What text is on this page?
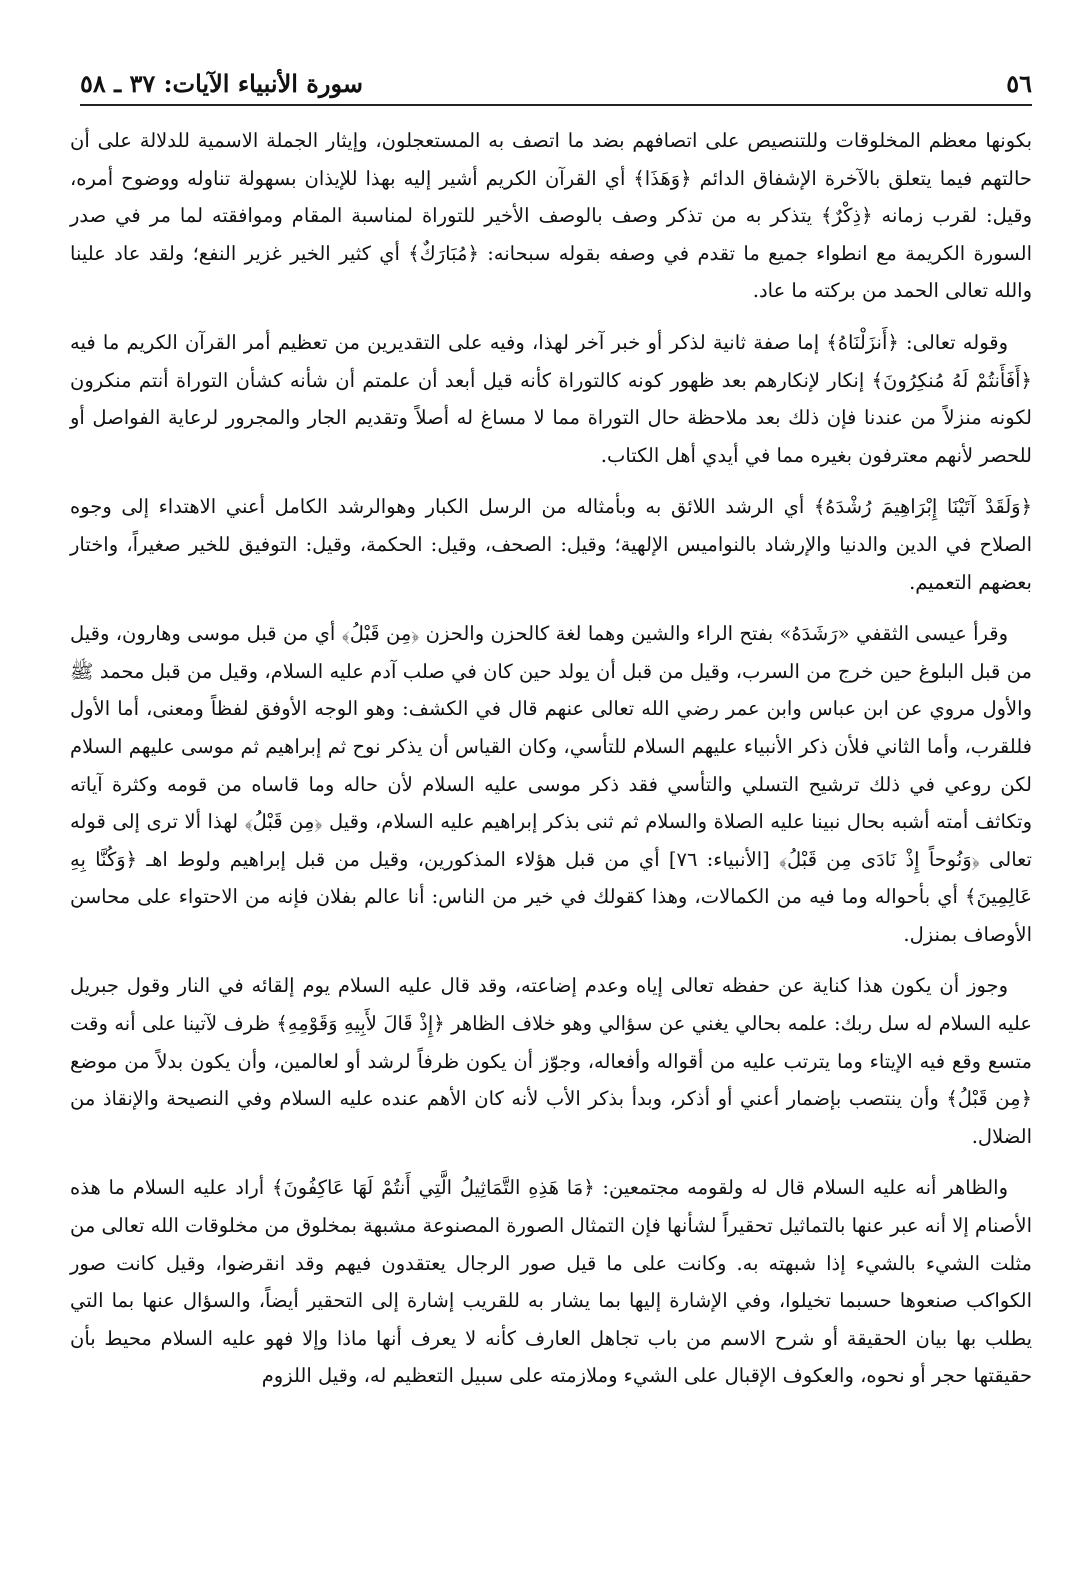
٥٦
سورة الأنبياء الآيات: ٣٧ ـ ٥٨

بكونها معظم المخلوقات وللتنصيص على اتصافهم بضد ما اتصف به المستعجلون، وإيثار الجملة الاسمية للدلالة على أن حالتهم فيما يتعلق بالآخرة الإشفاق الدائم ﴿وَهَذَا﴾ أي القرآن الكريم أشير إليه بهذا للإيذان بسهولة تناوله ووضوح أمره، وقيل: لقرب زمانه ﴿ذِكْرٌ﴾ يتذكر به من تذكر وصف بالوصف الأخير للتوراة لمناسبة المقام وموافقته لما مر في صدر السورة الكريمة مع انطواء جميع ما تقدم في وصفه بقوله سبحانه: ﴿مُبَارَكٌ﴾ أي كثير الخير غزير النفع؛ ولقد عاد علينا والله تعالى الحمد من بركته ما عاد.

وقوله تعالى: ﴿أَنزَلْنَاهُ﴾ إما صفة ثانية لذكر أو خبر آخر لهذا، وفيه على التقديرين من تعظيم أمر القرآن الكريم ما فيه ﴿أَفَأَنتُمْ لَهُ مُنكِرُونَ﴾ إنكار لإنكارهم بعد ظهور كونه كالتوراة كأنه قيل أبعد أن علمتم أن شأنه كشأن التوراة أنتم منكرون لكونه منزلاً من عندنا فإن ذلك بعد ملاحظة حال التوراة مما لا مساغ له أصلاً وتقديم الجار والمجرور لرعاية الفواصل أو للحصر لأنهم معترفون بغيره مما في أيدي أهل الكتاب.

﴿وَلَقَدْ آتَيْنَا إِبْرَاهِيمَ رُشْدَهُ﴾ أي الرشد اللائق به وبأمثاله من الرسل الكبار وهوالرشد الكامل أعني الاهتداء إلى وجوه الصلاح في الدين والدنيا والإرشاد بالنواميس الإلهية؛ وقيل: الصحف، وقيل: الحكمة، وقيل: التوفيق للخير صغيراً، واختار بعضهم التعميم.

وقرأ عيسى الثقفي «رَشَدَهُ» بفتح الراء والشين وهما لغة كالحزن والحزن ﴿مِن قَبْلُ﴾ أي من قبل موسى وهارون، وقيل من قبل البلوغ حين خرج من السرب، وقيل من قبل أن يولد حين كان في صلب آدم عليه السلام، وقيل من قبل محمد ﷺ والأول مروي عن ابن عباس وابن عمر رضي الله تعالى عنهم قال في الكشف: وهو الوجه الأوفق لفظاً ومعنى، أما الأول فللقرب، وأما الثاني فلأن ذكر الأنبياء عليهم السلام للتأسي، وكان القياس أن يذكر نوح ثم إبراهيم ثم موسى عليهم السلام لكن روعي في ذلك ترشيح التسلي والتأسي فقد ذكر موسى عليه السلام لأن حاله وما قاساه من قومه وكثرة آياته وتكاثف أمته أشبه بحال نبينا عليه الصلاة والسلام ثم ثنى بذكر إبراهيم عليه السلام، وقيل ﴿مِن قَبْلُ﴾ لهذا ألا ترى إلى قوله تعالى ﴿وَنُوحاً إِذْ نَادَى مِن قَبْلُ﴾ [الأنبياء: ٧٦] أي من قبل هؤلاء المذكورين، وقيل من قبل إبراهيم ولوط اهـ ﴿وَكُنَّا بِهِ عَالِمِينَ﴾ أي بأحواله وما فيه من الكمالات، وهذا كقولك في خير من الناس: أنا عالم بفلان فإنه من الاحتواء على محاسن الأوصاف بمنزل.

وجوز أن يكون هذا كناية عن حفظه تعالى إياه وعدم إضاعته، وقد قال عليه السلام يوم إلقائه في النار وقول جبريل عليه السلام له سل ربك: علمه بحالي يغني عن سؤالي وهو خلاف الظاهر ﴿إِذْ قَالَ لأَبِيهِ وَقَوْمِهِ﴾ ظرف لآتينا على أنه وقت متسع وقع فيه الإيتاء وما يترتب عليه من أقواله وأفعاله، وجوّز أن يكون ظرفاً لرشد أو لعالمين، وأن يكون بدلاً من موضع ﴿مِن قَبْلُ﴾ وأن ينتصب بإضمار أعني أو أذكر، وبدأ بذكر الأب لأنه كان الأهم عنده عليه السلام وفي النصيحة والإنقاذ من الضلال.

والظاهر أنه عليه السلام قال له ولقومه مجتمعين: ﴿مَا هَذِهِ التَّمَاثِيلُ الَّتِي أَنتُمْ لَهَا عَاكِفُونَ﴾ أراد عليه السلام ما هذه الأصنام إلا أنه عبر عنها بالتماثيل تحقيراً لشأنها فإن التمثال الصورة المصنوعة مشبهة بمخلوق من مخلوقات الله تعالى من مثلت الشيء بالشيء إذا شبهته به. وكانت على ما قيل صور الرجال يعتقدون فيهم وقد انقرضوا، وقيل كانت صور الكواكب صنعوها حسبما تخيلوا، وفي الإشارة إليها بما يشار به للقريب إشارة إلى التحقير أيضاً، والسؤال عنها بما التي يطلب بها بيان الحقيقة أو شرح الاسم من باب تجاهل العارف كأنه لا يعرف أنها ماذا وإلا فهو عليه السلام محيط بأن حقيقتها حجر أو نحوه، والعكوف الإقبال على الشيء وملازمته على سبيل التعظيم له، وقيل اللزوم
